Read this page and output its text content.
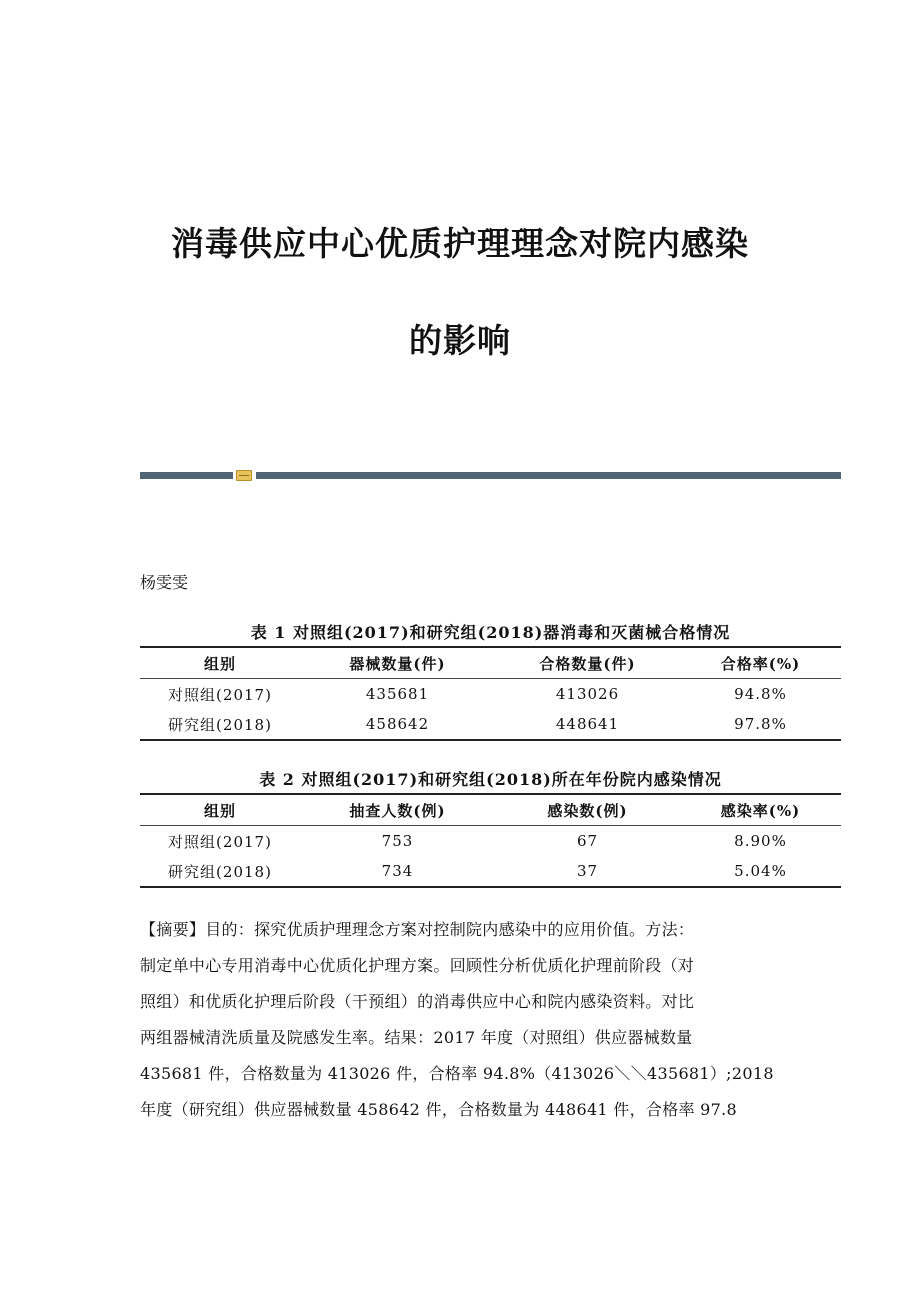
消毒供应中心优质护理理念对院内感染
的影响
杨雯雯
表 1 对照组(2017)和研究组(2018)器消毒和灭菌械合格情况
组别	器械数量(件)	合格数量(件)	合格率(%)
对照组(2017)	435681	413026	94.8%
研究组(2018)	458642	448641	97.8%
表 2 对照组(2017)和研究组(2018)所在年份院内感染情况
组别	抽查人数(例)	感染数(例)	感染率(%)
对照组(2017)	753	67	8.90%
研究组(2018)	734	37	5.04%

【摘要】目的：探究优质护理理念方案对控制院内感染中的应用价值。方法：

制定单中心专用消毒中心优质化护理方案。回顾性分析优质化护理前阶段（对

照组）和优质化护理后阶段（干预组）的消毒供应中心和院内感染资料。对比

两组器械清洗质量及院感发生率。结果：2017 年度（对照组）供应器械数量

435681 件，合格数量为 413026 件，合格率 94.8%（413026＼＼435681）;2018

年度（研究组）供应器械数量 458642 件，合格数量为 448641 件，合格率 97.8
